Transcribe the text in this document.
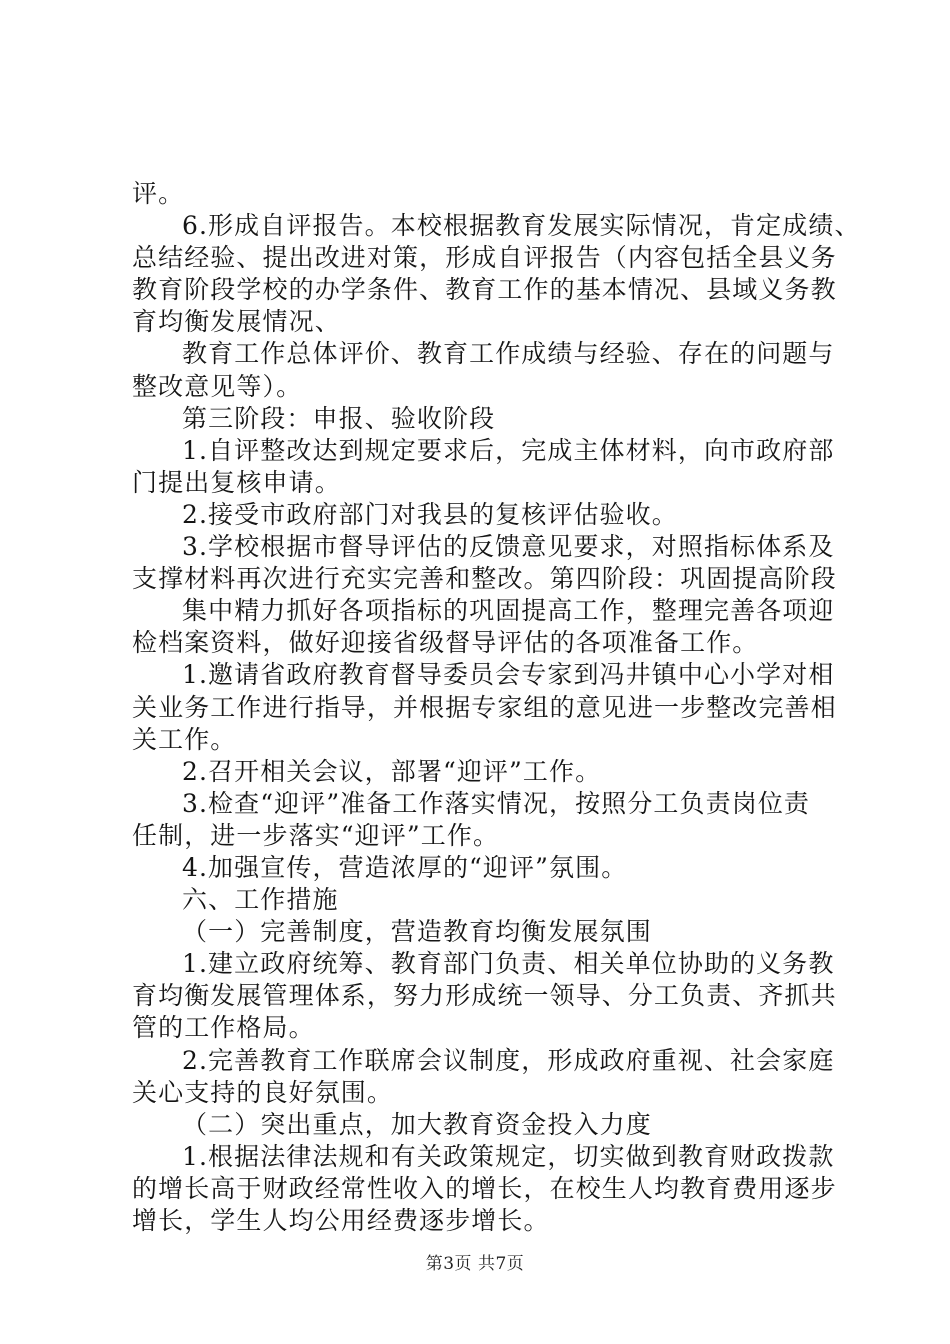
评。
6.形成自评报告。本校根据教育发展实际情况，肯定成绩、
总结经验、提出改进对策，形成自评报告（内容包括全县义务
教育阶段学校的办学条件、教育工作的基本情况、县域义务教
育均衡发展情况、
教育工作总体评价、教育工作成绩与经验、存在的问题与
整改意见等）。
第三阶段：申报、验收阶段
1.自评整改达到规定要求后，完成主体材料，向市政府部
门提出复核申请。
2.接受市政府部门对我县的复核评估验收。
3.学校根据市督导评估的反馈意见要求，对照指标体系及
支撑材料再次进行充实完善和整改。第四阶段：巩固提高阶段
集中精力抓好各项指标的巩固提高工作，整理完善各项迎
检档案资料，做好迎接省级督导评估的各项准备工作。
1.邀请省政府教育督导委员会专家到冯井镇中心小学对相
关业务工作进行指导，并根据专家组的意见进一步整改完善相
关工作。
2.召开相关会议，部署“迎评”工作。
3.检查“迎评”准备工作落实情况，按照分工负责岗位责
任制，进一步落实“迎评”工作。
4.加强宣传，营造浓厚的“迎评”氛围。
六、工作措施
（一）完善制度，营造教育均衡发展氛围
1.建立政府统筹、教育部门负责、相关单位协助的义务教
育均衡发展管理体系，努力形成统一领导、分工负责、齐抓共
管的工作格局。
2.完善教育工作联席会议制度，形成政府重视、社会家庭
关心支持的良好氛围。
（二）突出重点，加大教育资金投入力度
1.根据法律法规和有关政策规定，切实做到教育财政拨款
的增长高于财政经常性收入的增长，在校生人均教育费用逐步
增长，学生人均公用经费逐步增长。
第3页 共7页
